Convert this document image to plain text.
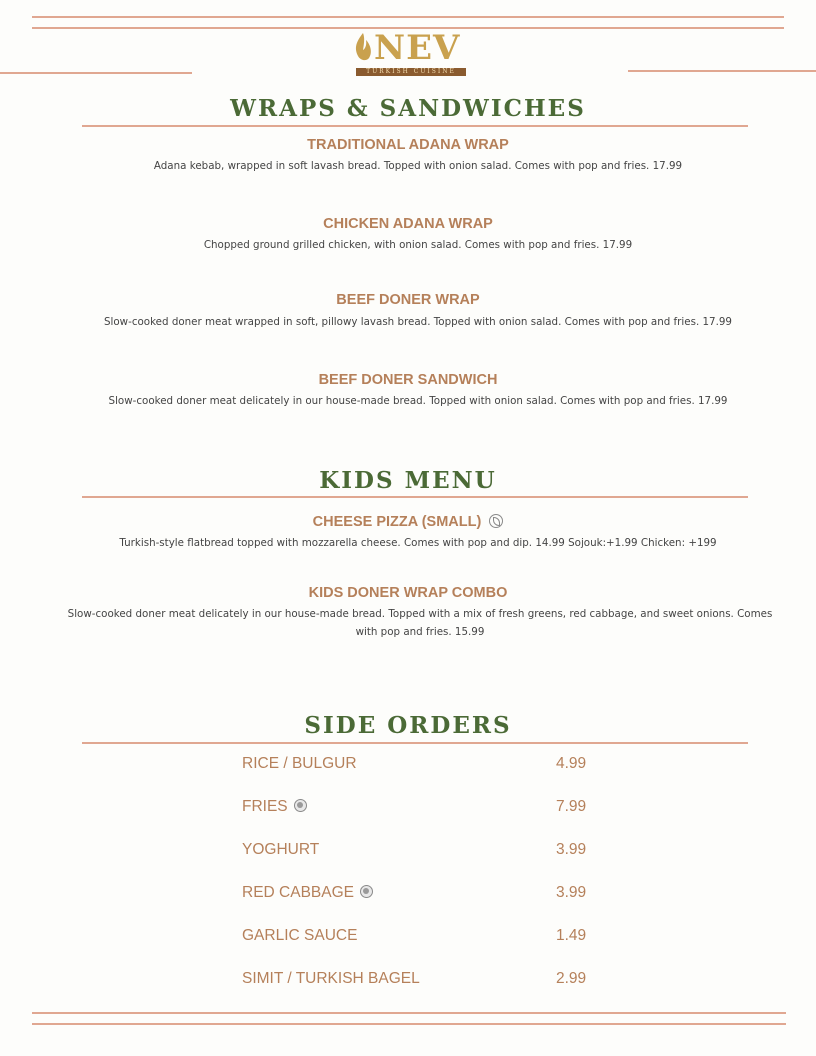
NEV
TURKISH CUISINE
WRAPS & SANDWICHES
TRADITIONAL ADANA WRAP
Adana kebab, wrapped in soft lavash bread. Topped with onion salad. Comes with pop and fries. 17.99
CHICKEN ADANA WRAP
Chopped ground grilled chicken, with onion salad. Comes with pop and fries. 17.99
BEEF DONER WRAP
Slow-cooked doner meat wrapped in soft, pillowy lavash bread. Topped with onion salad. Comes with pop and fries. 17.99
BEEF DONER SANDWICH
Slow-cooked doner meat delicately in our house-made bread. Topped with onion salad. Comes with pop and fries. 17.99
KIDS MENU
CHEESE PIZZA (SMALL)
Turkish-style flatbread topped with mozzarella cheese. Comes with pop and dip. 14.99 Sojouk:+1.99 Chicken: +199
KIDS DONER WRAP COMBO
Slow-cooked doner meat delicately in our house-made bread. Topped with a mix of fresh greens, red cabbage, and sweet onions. Comes with pop and fries. 15.99
SIDE ORDERS
RICE / BULGUR	4.99
FRIES	7.99
YOGHURT	3.99
RED CABBAGE	3.99
GARLIC SAUCE	1.49
SIMIT / TURKISH BAGEL	2.99
